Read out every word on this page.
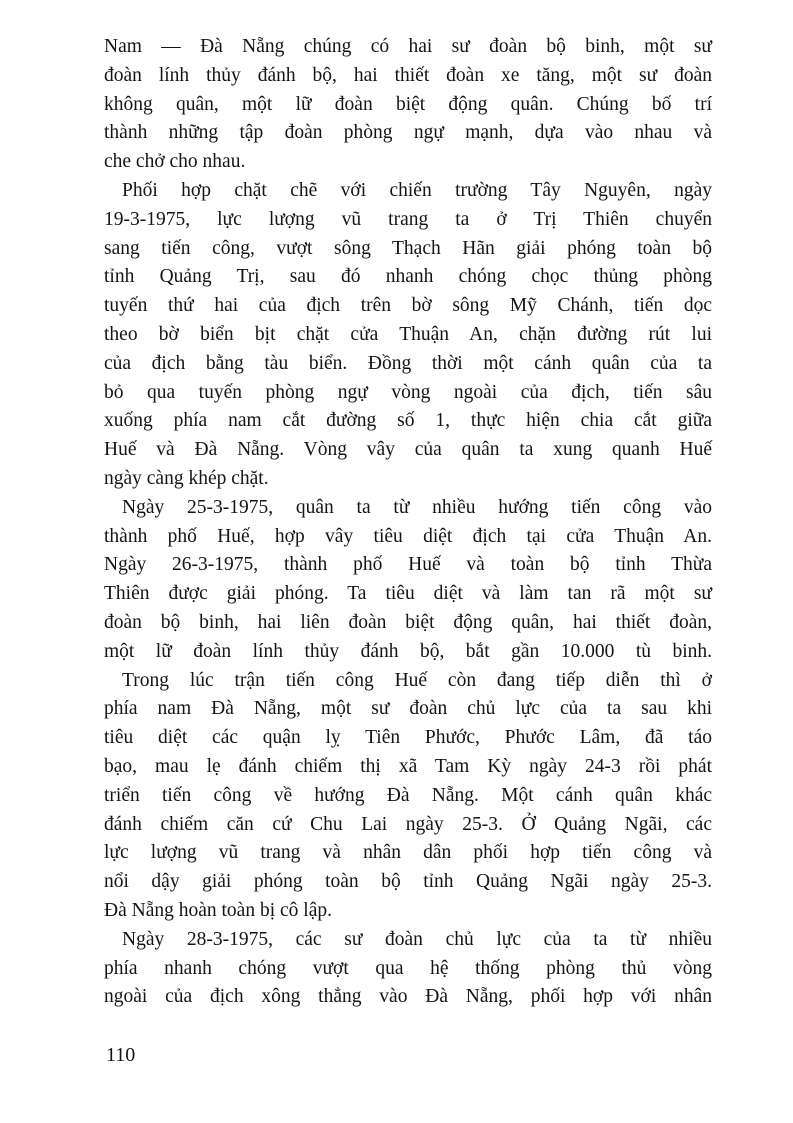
Nam — Đà Nẵng chúng có hai sư đoàn bộ binh, một sư
đoàn lính thủy đánh bộ, hai thiết đoàn xe tăng, một sư đoàn
không quân, một lữ đoàn biệt động quân. Chúng bố trí
thành những tập đoàn phòng ngự mạnh, dựa vào nhau và
che chở cho nhau.
Phối hợp chặt chẽ với chiến trường Tây Nguyên, ngày
19-3-1975, lực lượng vũ trang ta ở Trị Thiên chuyển
sang tiến công, vượt sông Thạch Hãn giải phóng toàn bộ
tỉnh Quảng Trị, sau đó nhanh chóng chọc thủng phòng
tuyến thứ hai của địch trên bờ sông Mỹ Chánh, tiến dọc
theo bờ biển bịt chặt cửa Thuận An, chặn đường rút lui
của địch bằng tàu biển. Đồng thời một cánh quân của ta
bỏ qua tuyến phòng ngự vòng ngoài của địch, tiến sâu
xuống phía nam cắt đường số 1, thực hiện chia cắt giữa
Huế và Đà Nẵng. Vòng vây của quân ta xung quanh Huế
ngày càng khép chặt.
Ngày 25-3-1975, quân ta từ nhiều hướng tiến công vào
thành phố Huế, hợp vây tiêu diệt địch tại cửa Thuận An.
Ngày 26-3-1975, thành phố Huế và toàn bộ tỉnh Thừa
Thiên được giải phóng. Ta tiêu diệt và làm tan rã một sư
đoàn bộ binh, hai liên đoàn biệt động quân, hai thiết đoàn,
một lữ đoàn lính thủy đánh bộ, bắt gần 10.000 tù binh.
Trong lúc trận tiến công Huế còn đang tiếp diễn thì ở
phía nam Đà Nẵng, một sư đoàn chủ lực của ta sau khi
tiêu diệt các quận lỵ Tiên Phước, Phước Lâm, đã táo
bạo, mau lẹ đánh chiếm thị xã Tam Kỳ ngày 24-3 rồi phát
triển tiến công về hướng Đà Nẵng. Một cánh quân khác
đánh chiếm căn cứ Chu Lai ngày 25-3. Ở Quảng Ngãi, các
lực lượng vũ trang và nhân dân phối hợp tiến công và
nổi dậy giải phóng toàn bộ tỉnh Quảng Ngãi ngày 25-3.
Đà Nẵng hoàn toàn bị cô lập.
Ngày 28-3-1975, các sư đoàn chủ lực của ta từ nhiều
phía nhanh chóng vượt qua hệ thống phòng thủ vòng
ngoài của địch xông thẳng vào Đà Nẵng, phối hợp với nhân
110
